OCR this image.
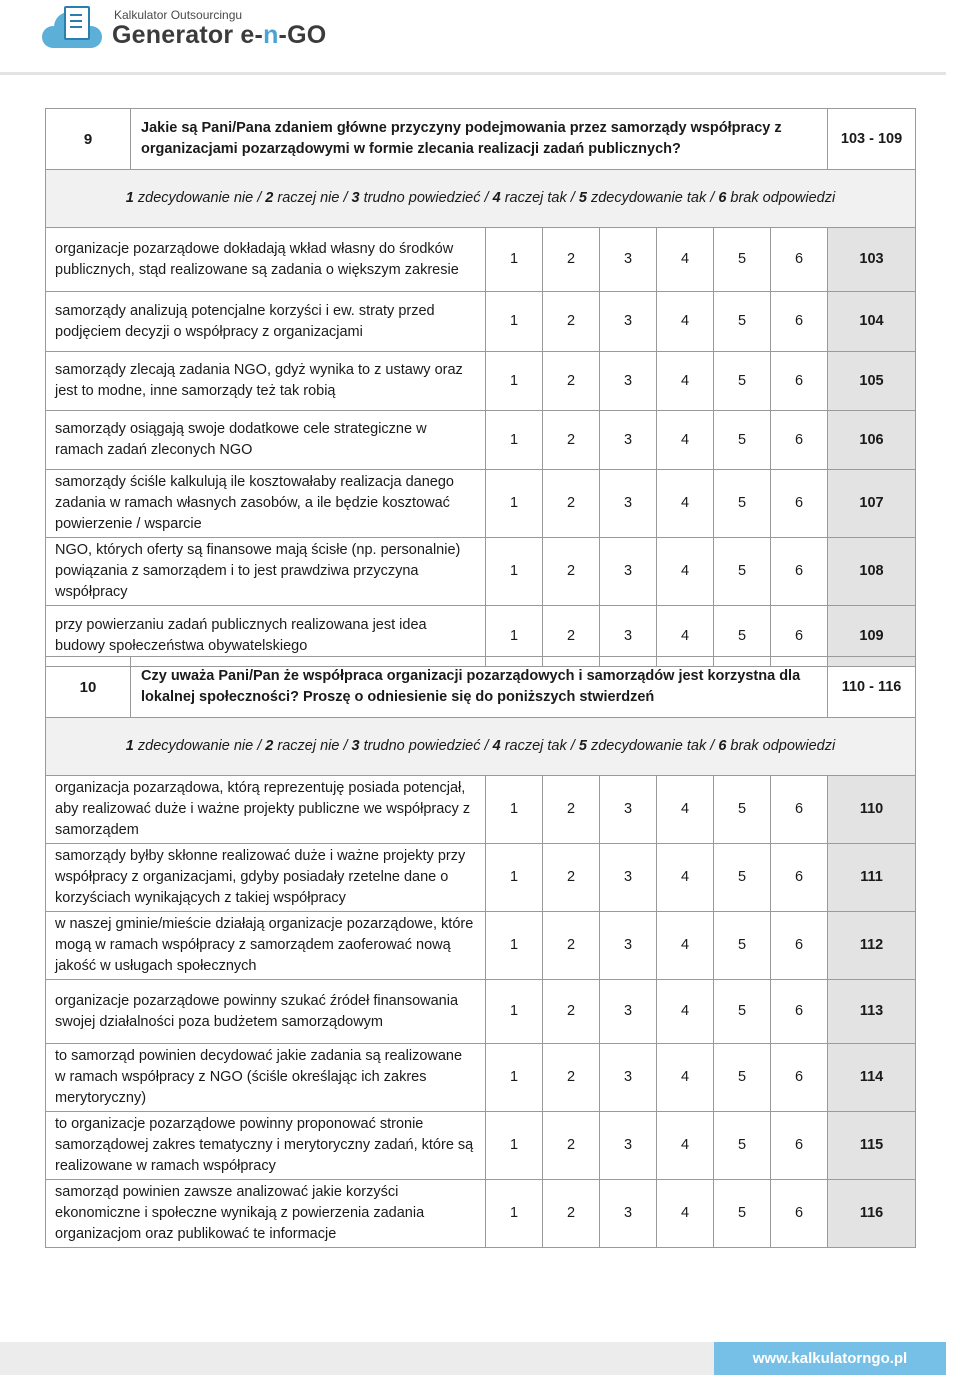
Kalkulator Outsourcingu
Generator e-n-GO
9
Jakie są Pani/Pana zdaniem główne przyczyny podejmowania przez samorządy współpracy z organizacjami pozarządowymi w formie zlecania realizacji zadań publicznych?							103 - 109
1 zdecydowanie nie / 2 raczej nie / 3 trudno powiedzieć / 4 raczej tak / 5 zdecydowanie tak / 6 brak odpowiedzi							
organizacje pozarządowe dokładają wkład własny do środków publicznych, stąd realizowane są zadania o większym zakresie	1	2	3	4	5	6	103
samorządy analizują potencjalne korzyści i ew. straty przed podjęciem decyzji o współpracy z organizacjami	1	2	3	4	5	6	104
samorządy zlecają zadania NGO, gdyż wynika to z ustawy oraz jest to modne, inne samorządy też tak robią	1	2	3	4	5	6	105
samorządy osiągają swoje dodatkowe cele strategiczne w ramach zadań zleconych NGO	1	2	3	4	5	6	106
samorządy ściśle kalkulują ile kosztowałaby realizacja danego zadania w ramach własnych zasobów, a ile będzie kosztować powierzenie / wsparcie	1	2	3	4	5	6	107
NGO, których oferty są finansowe mają ścisłe (np. personalnie) powiązania z samorządem i to jest prawdziwa przyczyna współpracy	1	2	3	4	5	6	108
przy powierzaniu zadań publicznych realizowana jest idea budowy społeczeństwa obywatelskiego	1	2	3	4	5	6	109
10
Czy uważa Pani/Pan że współpraca organizacji pozarządowych i samorządów jest korzystna dla lokalnej społeczności? Proszę o odniesienie się do poniższych stwierdzeń							110 - 116
1 zdecydowanie nie / 2 raczej nie / 3 trudno powiedzieć / 4 raczej tak / 5 zdecydowanie tak / 6 brak odpowiedzi							
organizacja pozarządowa, którą reprezentuję posiada potencjał, aby realizować duże i ważne projekty publiczne we współpracy z samorządem	1	2	3	4	5	6	110
samorządy byłby skłonne realizować duże i ważne projekty przy współpracy z organizacjami, gdyby posiadały rzetelne dane o korzyściach wynikających z takiej współpracy	1	2	3	4	5	6	111
w naszej gminie/mieście działają organizacje pozarządowe, które mogą w ramach współpracy z samorządem zaoferować nową jakość w usługach społecznych	1	2	3	4	5	6	112
organizacje pozarządowe powinny szukać źródeł finansowania swojej działalności poza budżetem samorządowym	1	2	3	4	5	6	113
to samorząd powinien decydować jakie zadania są realizowane w ramach współpracy z NGO (ściśle określając ich zakres merytoryczny)	1	2	3	4	5	6	114
to organizacje pozarządowe powinny proponować stronie samorządowej zakres tematyczny i merytoryczny zadań, które są realizowane w ramach współpracy	1	2	3	4	5	6	115
samorząd powinien zawsze analizować jakie korzyści ekonomiczne i społeczne wynikają z powierzenia zadania organizacjom oraz publikować te informacje	1	2	3	4	5	6	116
www.kalkulatorngo.pl
